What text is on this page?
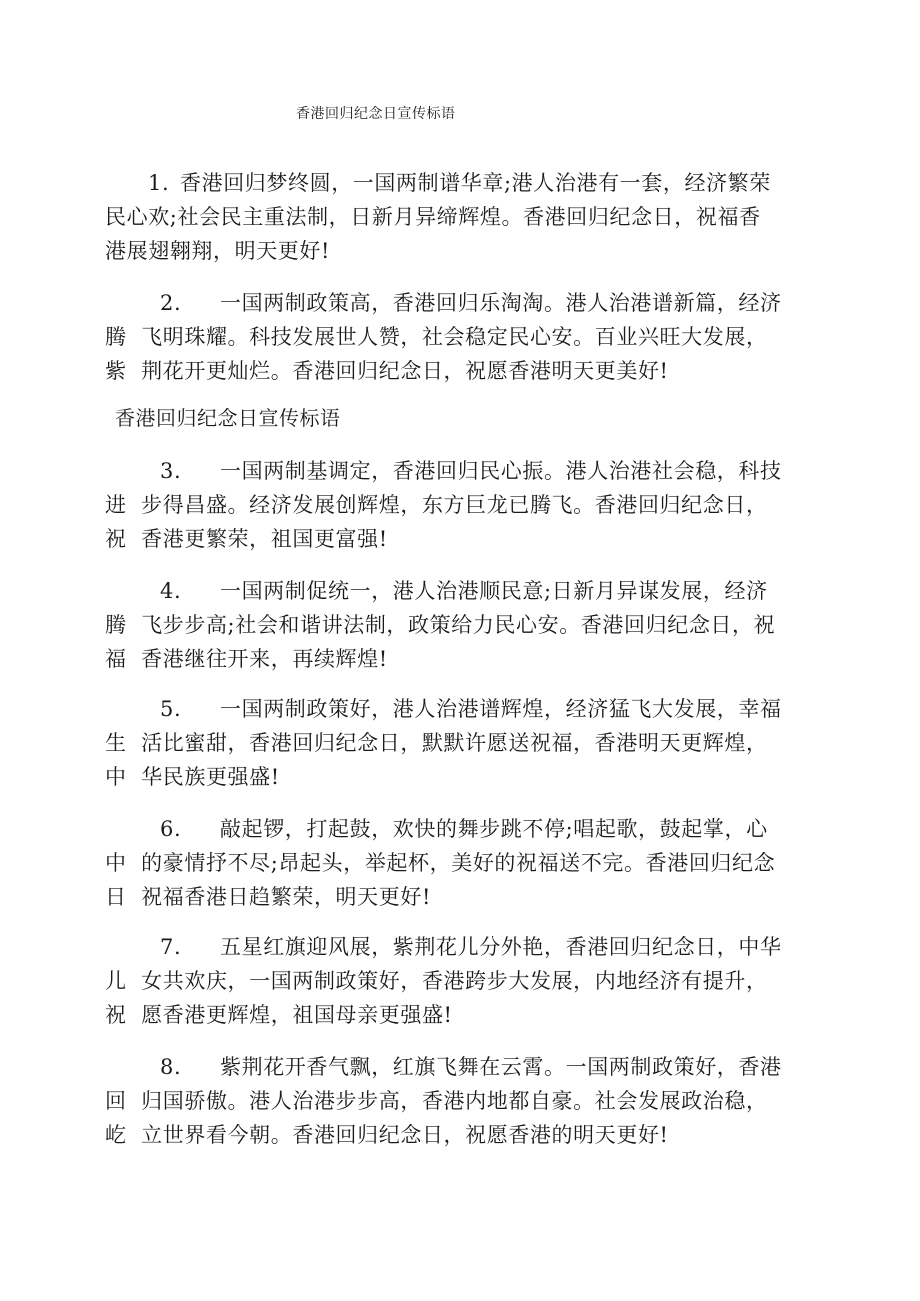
香港回归纪念日宣传标语

1.

香港回归梦终圆，一国两制谱华章;港人治港有一套，经济繁荣

民心欢;社会民主重法制，日新月异缔辉煌。香港回归纪念日，祝福香

港展翅翱翔，明天更好!

2.

一国两制政策高，香港回归乐淘淘。港人治港谱新篇，经济

腾  飞明珠耀。科技发展世人赞，社会稳定民心安。百业兴旺大发展，

紫  荆花开更灿烂。香港回归纪念日，祝愿香港明天更美好!

香港回归纪念日宣传标语

3.

一国两制基调定，香港回归民心振。港人治港社会稳，科技

进  步得昌盛。经济发展创辉煌，东方巨龙已腾飞。香港回归纪念日，

祝  香港更繁荣，祖国更富强!

4.

一国两制促统一，港人治港顺民意;日新月异谋发展，经济

腾  飞步步高;社会和谐讲法制，政策给力民心安。香港回归纪念日，祝

福  香港继往开来，再续辉煌!

5.

一国两制政策好，港人治港谱辉煌，经济猛飞大发展，幸福

生  活比蜜甜，香港回归纪念日，默默许愿送祝福，香港明天更辉煌，

中  华民族更强盛!

6.

敲起锣，打起鼓，欢快的舞步跳不停;唱起歌，鼓起掌，心

中  的豪情抒不尽;昂起头，举起杯，美好的祝福送不完。香港回归纪念

日  祝福香港日趋繁荣，明天更好!

7.

五星红旗迎风展，紫荆花儿分外艳，香港回归纪念日，中华

儿  女共欢庆，一国两制政策好，香港跨步大发展，内地经济有提升，

祝  愿香港更辉煌，祖国母亲更强盛!

8.

紫荆花开香气飘，红旗飞舞在云霄。一国两制政策好，香港

回  归国骄傲。港人治港步步高，香港内地都自豪。社会发展政治稳，

屹  立世界看今朝。香港回归纪念日，祝愿香港的明天更好!
